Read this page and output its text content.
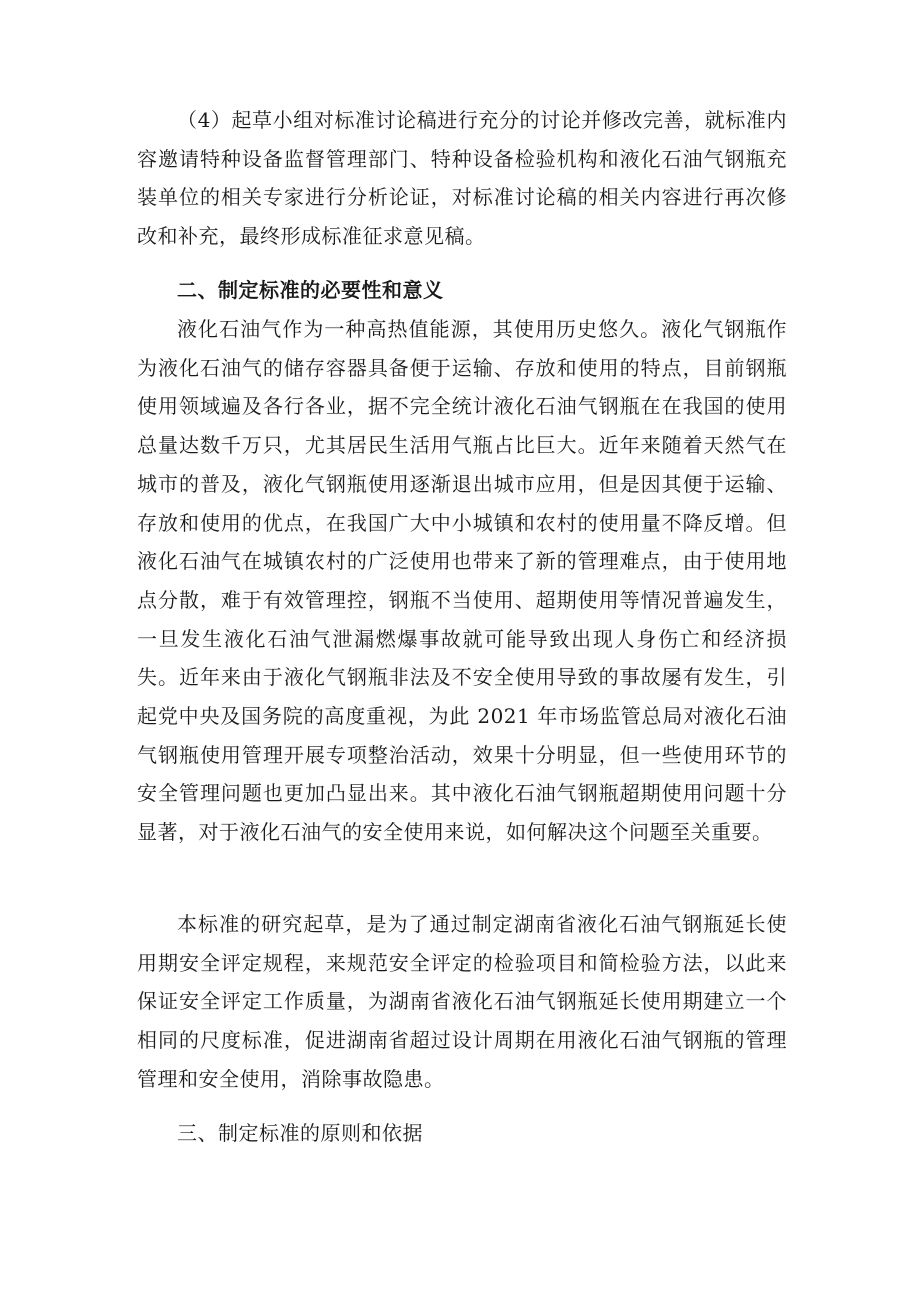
（4）起草小组对标准讨论稿进行充分的讨论并修改完善，就标准内容邀请特种设备监督管理部门、特种设备检验机构和液化石油气钢瓶充装单位的相关专家进行分析论证，对标准讨论稿的相关内容进行再次修改和补充，最终形成标准征求意见稿。

二、制定标准的必要性和意义

液化石油气作为一种高热值能源，其使用历史悠久。液化气钢瓶作为液化石油气的储存容器具备便于运输、存放和使用的特点，目前钢瓶使用领域遍及各行各业，据不完全统计液化石油气钢瓶在在我国的使用总量达数千万只，尤其居民生活用气瓶占比巨大。近年来随着天然气在城市的普及，液化气钢瓶使用逐渐退出城市应用，但是因其便于运输、存放和使用的优点，在我国广大中小城镇和农村的使用量不降反增。但液化石油气在城镇农村的广泛使用也带来了新的管理难点，由于使用地点分散，难于有效管理控，钢瓶不当使用、超期使用等情况普遍发生，一旦发生液化石油气泄漏燃爆事故就可能导致出现人身伤亡和经济损失。近年来由于液化气钢瓶非法及不安全使用导致的事故屡有发生，引起党中央及国务院的高度重视，为此 2021 年市场监管总局对液化石油气钢瓶使用管理开展专项整治活动，效果十分明显，但一些使用环节的安全管理问题也更加凸显出来。其中液化石油气钢瓶超期使用问题十分显著，对于液化石油气的安全使用来说，如何解决这个问题至关重要。

本标准的研究起草，是为了通过制定湖南省液化石油气钢瓶延长使用期安全评定规程，来规范安全评定的检验项目和简检验方法，以此来保证安全评定工作质量，为湖南省液化石油气钢瓶延长使用期建立一个相同的尺度标准，促进湖南省超过设计周期在用液化石油气钢瓶的管理管理和安全使用，消除事故隐患。

三、制定标准的原则和依据
